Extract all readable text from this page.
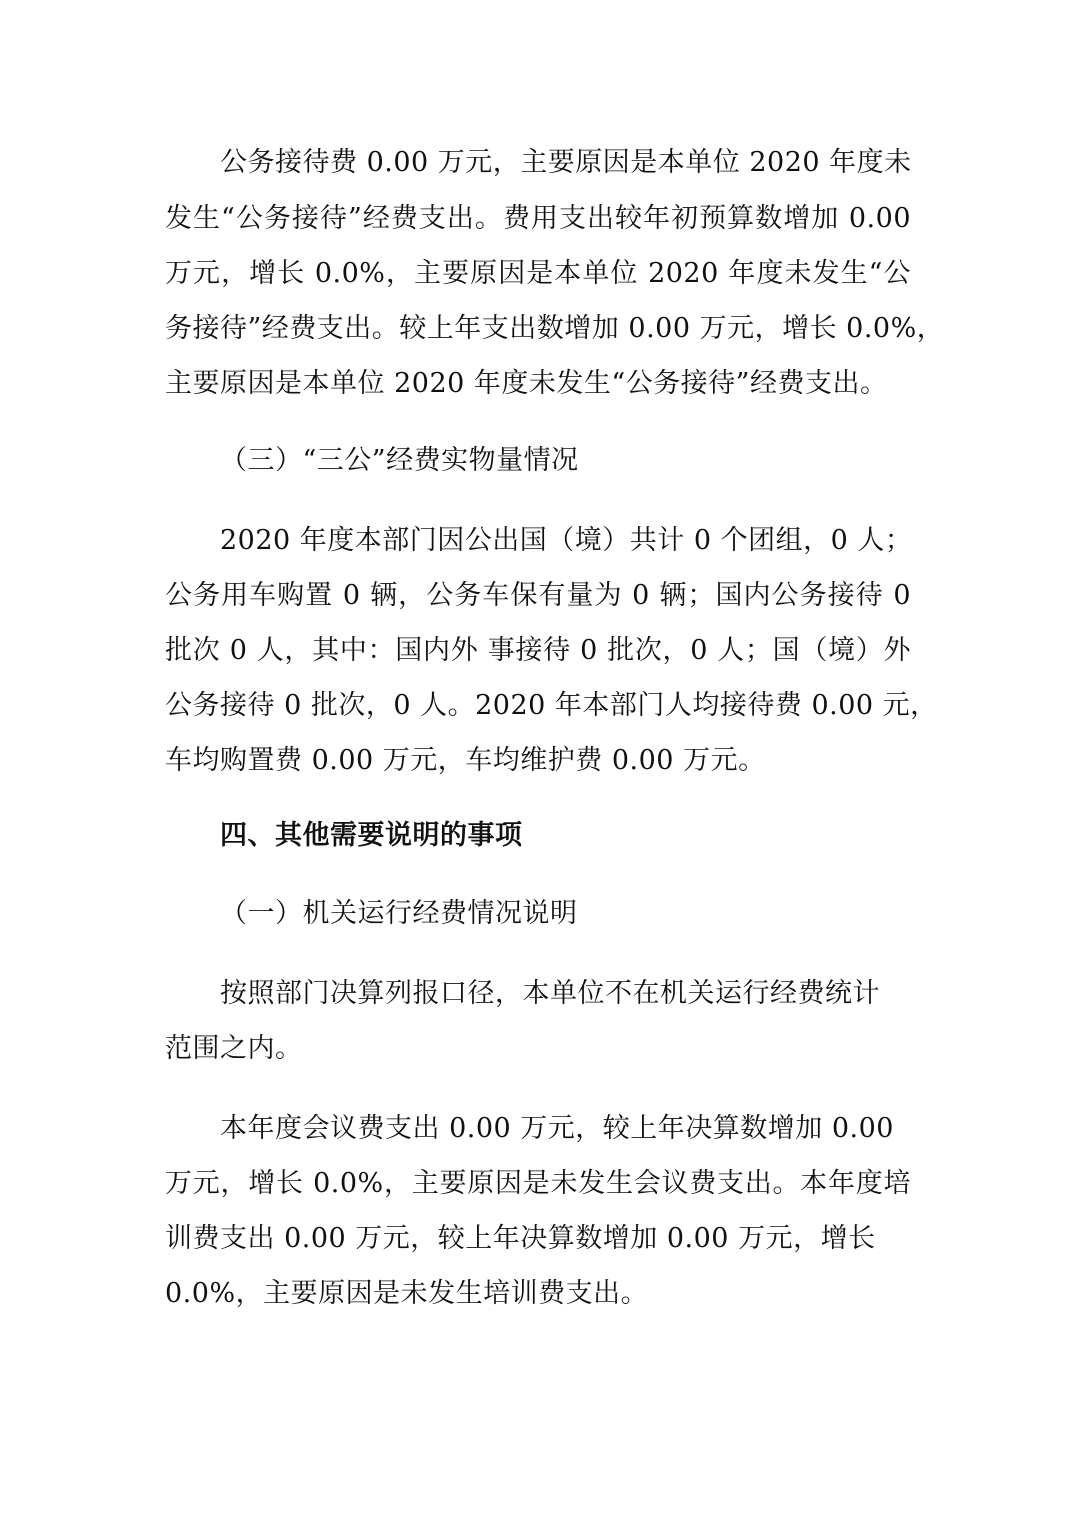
公务接待费 0.00 万元，主要原因是本单位 2020 年度未
发生“公务接待”经费支出。费用支出较年初预算数增加 0.00
万元，增长 0.0%，主要原因是本单位 2020 年度未发生“公
务接待”经费支出。较上年支出数增加 0.00 万元，增长 0.0%，
主要原因是本单位 2020 年度未发生“公务接待”经费支出。
（三）“三公”经费实物量情况
2020 年度本部门因公出国（境）共计 0 个团组，0 人；
公务用车购置 0 辆，公务车保有量为 0 辆；国内公务接待 0
批次 0 人，其中：国内外 事接待 0 批次，0 人；国（境）外
公务接待 0 批次，0 人。2020 年本部门人均接待费 0.00 元，
车均购置费 0.00 万元，车均维护费 0.00 万元。
四、其他需要说明的事项
（一）机关运行经费情况说明
按照部门决算列报口径，本单位不在机关运行经费统计
范围之内。
本年度会议费支出 0.00 万元，较上年决算数增加 0.00
万元，增长 0.0%，主要原因是未发生会议费支出。本年度培
训费支出 0.00 万元，较上年决算数增加 0.00 万元，增长
0.0%，主要原因是未发生培训费支出。
